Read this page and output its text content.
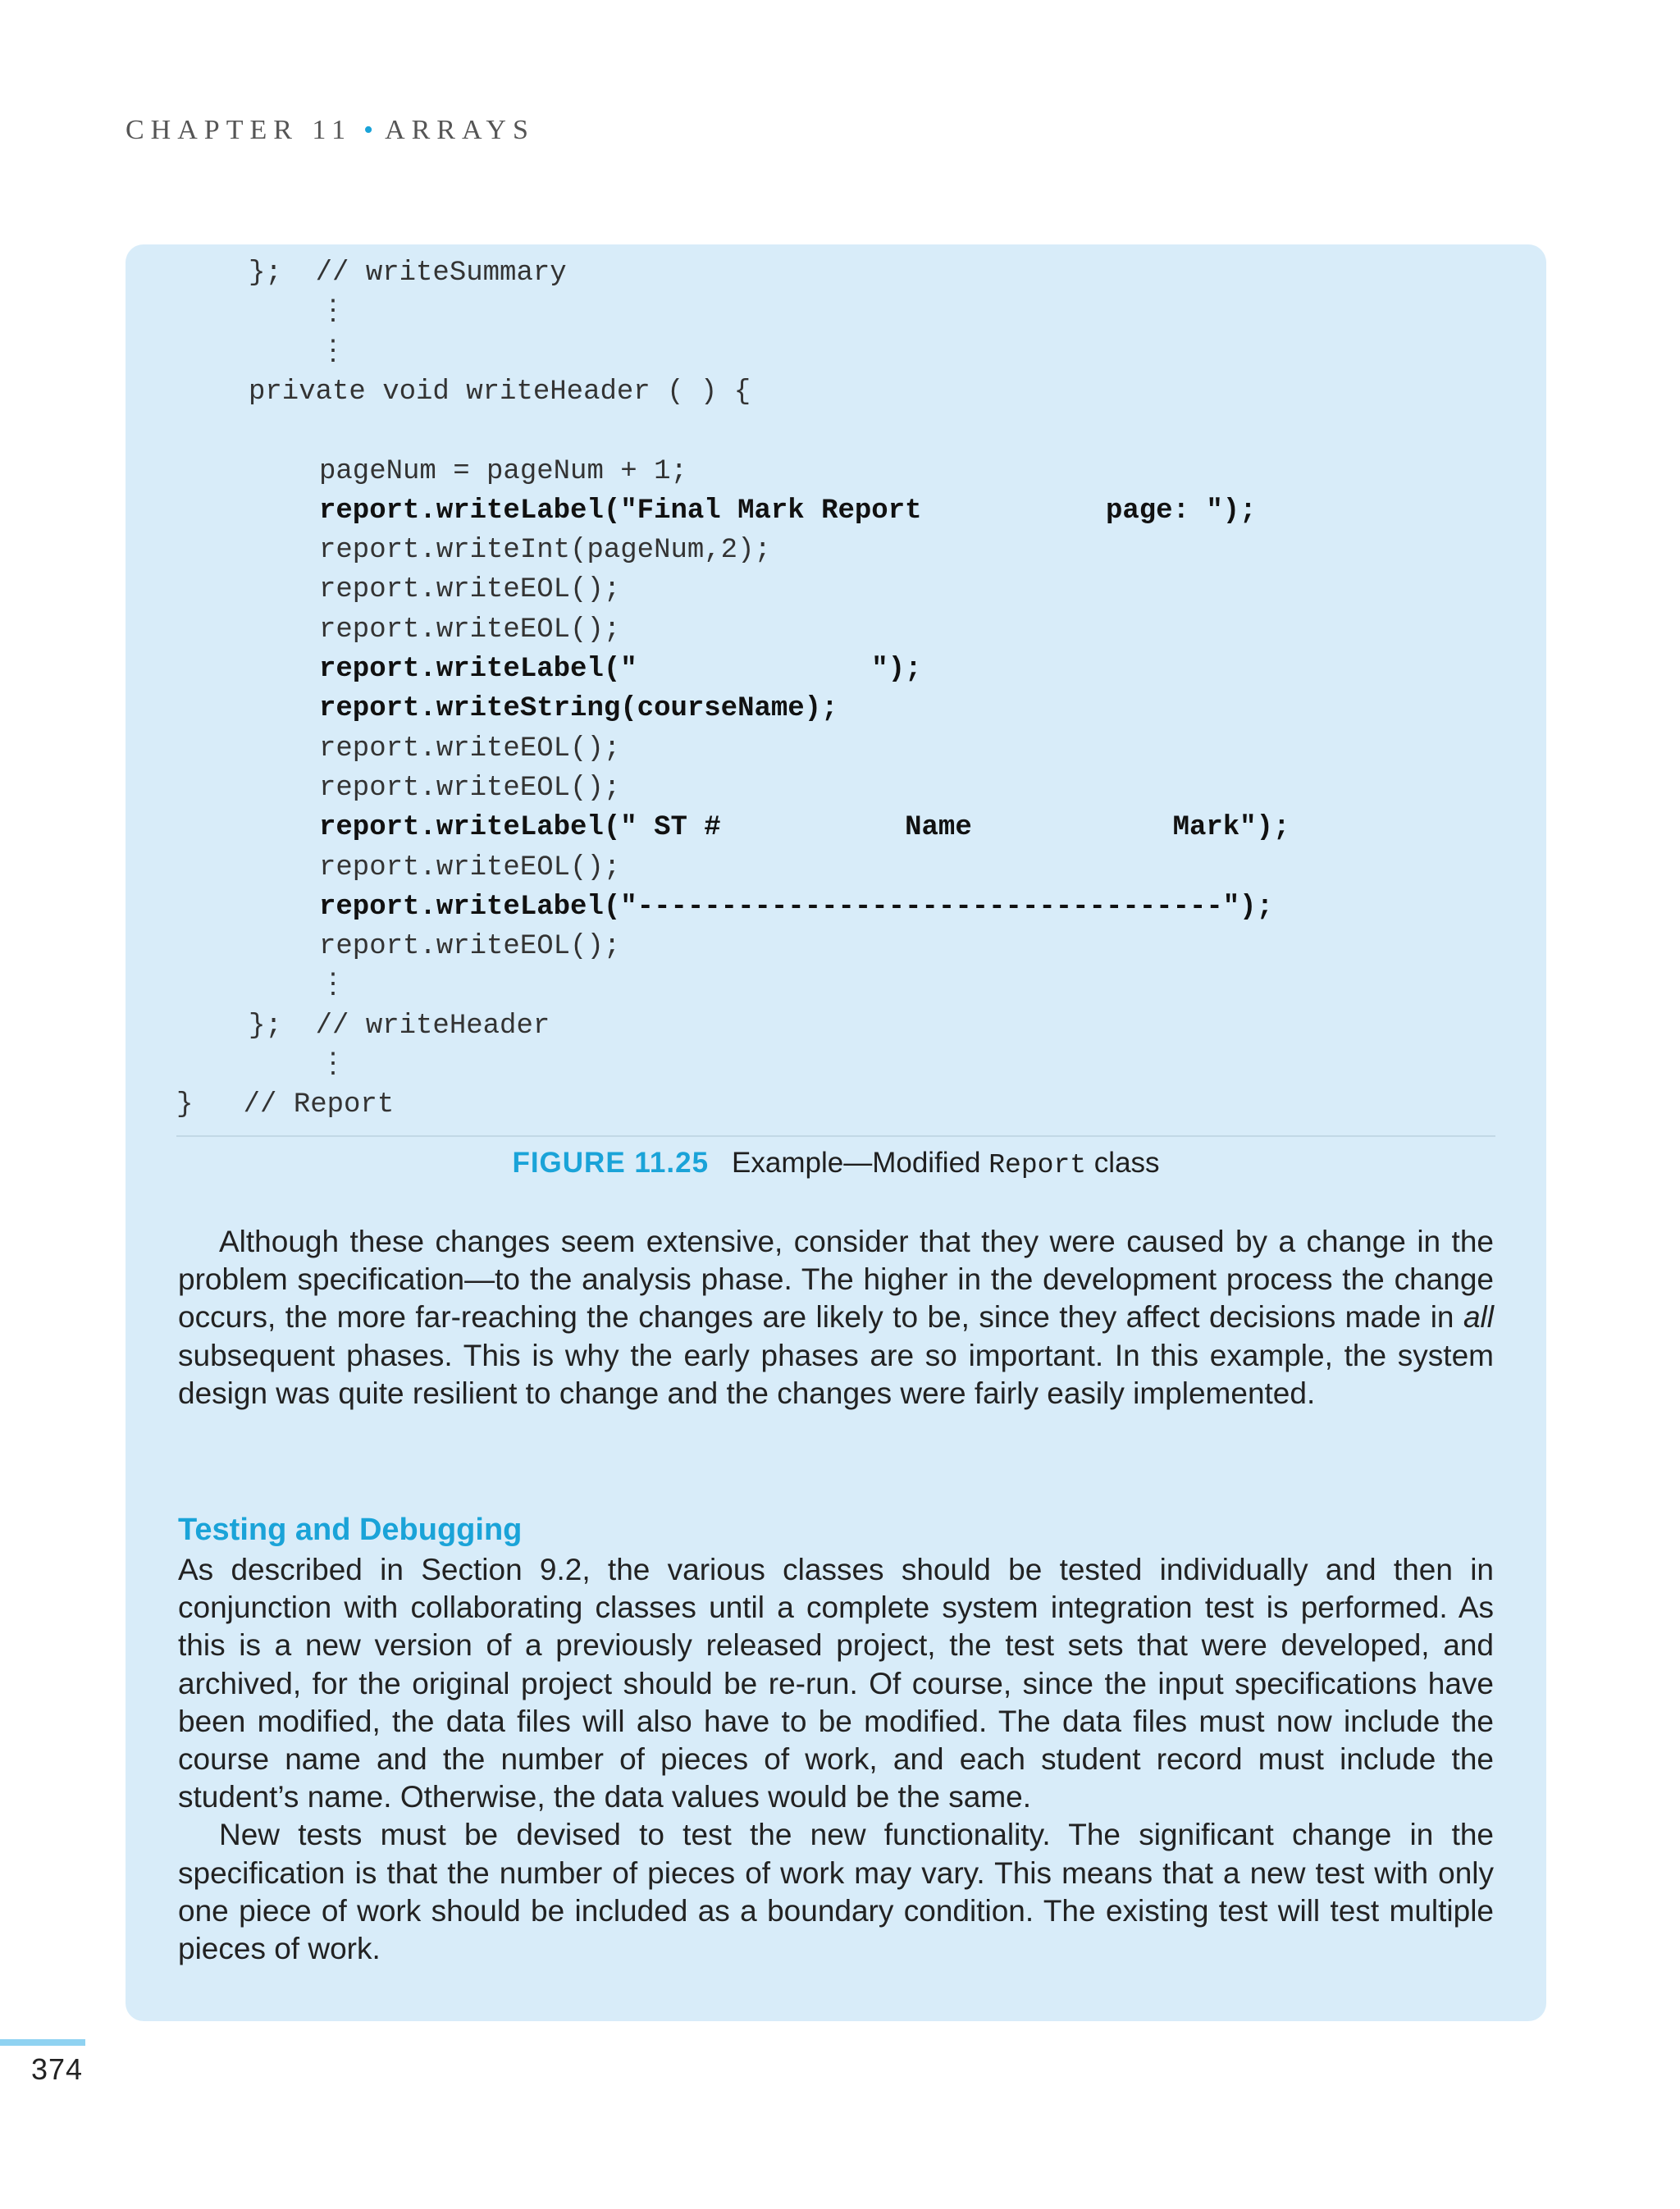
CHAPTER 11 • ARRAYS
};  // writeSummary
⋮
⋮
private void writeHeader ( ) {
pageNum = pageNum + 1;
report.writeLabel("Final Mark Report           page: ");
report.writeInt(pageNum,2);
report.writeEOL();
report.writeEOL();
report.writeLabel("              ");
report.writeString(courseName);
report.writeEOL();
report.writeEOL();
report.writeLabel(" ST #           Name            Mark");
report.writeEOL();
report.writeLabel("-----------------------------------");
report.writeEOL();
⋮
};  // writeHeader
⋮
}   // Report
FIGURE 11.25 Example—Modified Report class

Although these changes seem extensive, consider that they were caused by a change in the problem specification—to the analysis phase. The higher in the development process the change occurs, the more far-reaching the changes are likely to be, since they affect decisions made in all subsequent phases. This is why the early phases are so important. In this example, the system design was quite resilient to change and the changes were fairly easily implemented.

Testing and Debugging

As described in Section 9.2, the various classes should be tested individually and then in conjunction with collaborating classes until a complete system integration test is performed. As this is a new version of a previously released project, the test sets that were developed, and archived, for the original project should be re-run. Of course, since the input specifications have been modified, the data files will also have to be modified. The data files must now include the course name and the number of pieces of work, and each student record must include the student’s name. Otherwise, the data values would be the same.

New tests must be devised to test the new functionality. The significant change in the specification is that the number of pieces of work may vary. This means that a new test with only one piece of work should be included as a boundary condition. The existing test will test multiple pieces of work.

374
